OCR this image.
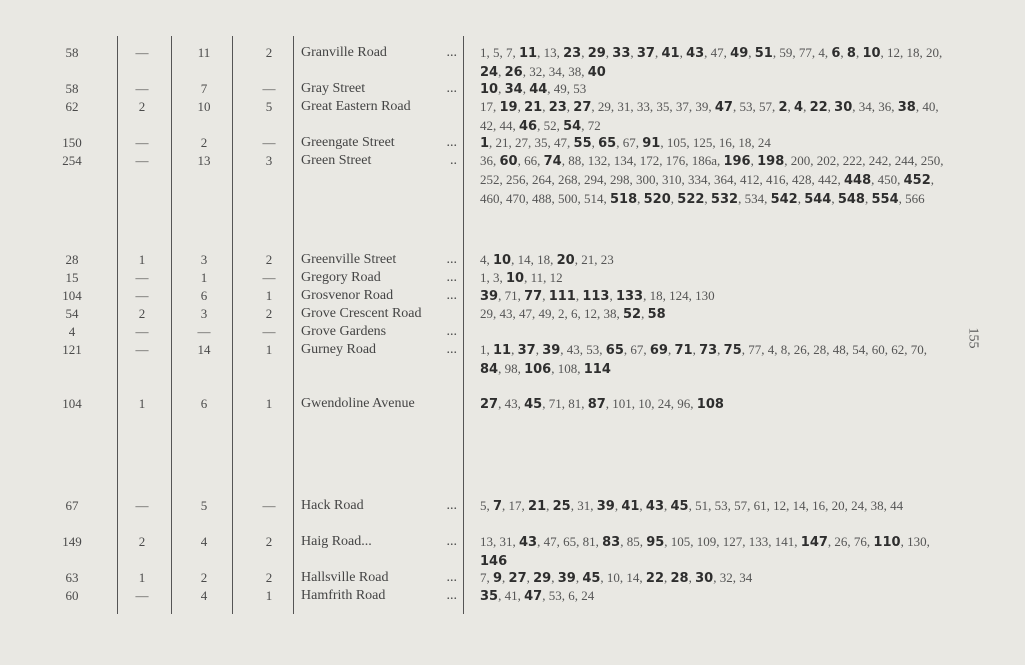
58	—	11	2	Granville Road	... 1, 5, 7, 11, 13, 23, 29, 33, 37, 41, 43, 47, 49, 51, 59, 77, 4, 6, 8, 10, 12, 18, 20, 24, 26, 32, 34, 38, 40
58	—	7	—	Gray Street	... 10, 34, 44, 49, 53
62	2	10	5	Great Eastern Road	17, 19, 21, 23, 27, 29, 31, 33, 35, 37, 39, 47, 53, 57, 2, 4, 22, 30, 34, 36, 38, 40, 42, 44, 46, 52, 54, 72
150	—	2	—	Greengate Street	... 1, 21, 27, 35, 47, 55, 65, 67, 91, 105, 125, 16, 18, 24
254	—	13	3	Green Street	.. 36, 60, 66, 74, 88, 132, 134, 172, 176, 186a, 196, 198, 200, 202, 222, 242, 244, 250, 252, 256, 264, 268, 294, 298, 300, 310, 334, 364, 412, 416, 428, 442, 448, 450, 452, 460, 470, 488, 500, 514, 518, 520, 522, 532, 534, 542, 544, 548, 554, 566
28	1	3	2	Greenville Street	... 4, 10, 14, 18, 20, 21, 23
15	—	1	—	Gregory Road	... 1, 3, 10, 11, 12
104	—	6	1	Grosvenor Road	... 39, 71, 77, 111, 113, 133, 18, 124, 130
54	2	3	2	Grove Crescent Road	29, 43, 47, 49, 2, 6, 12, 38, 52, 58
4	—	—	—	Grove Gardens	...
121	—	14	1	Gurney Road	... 1, 11, 37, 39, 43, 53, 65, 67, 69, 71, 73, 75, 77, 4, 8, 26, 28, 48, 54, 60, 62, 70, 84, 98, 106, 108, 114
104	1	6	1	Gwendoline Avenue	27, 43, 45, 71, 81, 87, 101, 10, 24, 96, 108
67	—	5	—	Hack Road	... 5, 7, 17, 21, 25, 31, 39, 41, 43, 45, 51, 53, 57, 61, 12, 14, 16, 20, 24, 38, 44
149	2	4	2	Haig Road...	... 13, 31, 43, 47, 65, 81, 83, 85, 95, 105, 109, 127, 133, 141, 147, 26, 76, 110, 130, 146
63	1	2	2	Hallsville Road	... 7, 9, 27, 29, 39, 45, 10, 14, 22, 28, 30, 32, 34
60	—	4	1	Hamfrith Road	... 35, 41, 47, 53, 6, 24
155
